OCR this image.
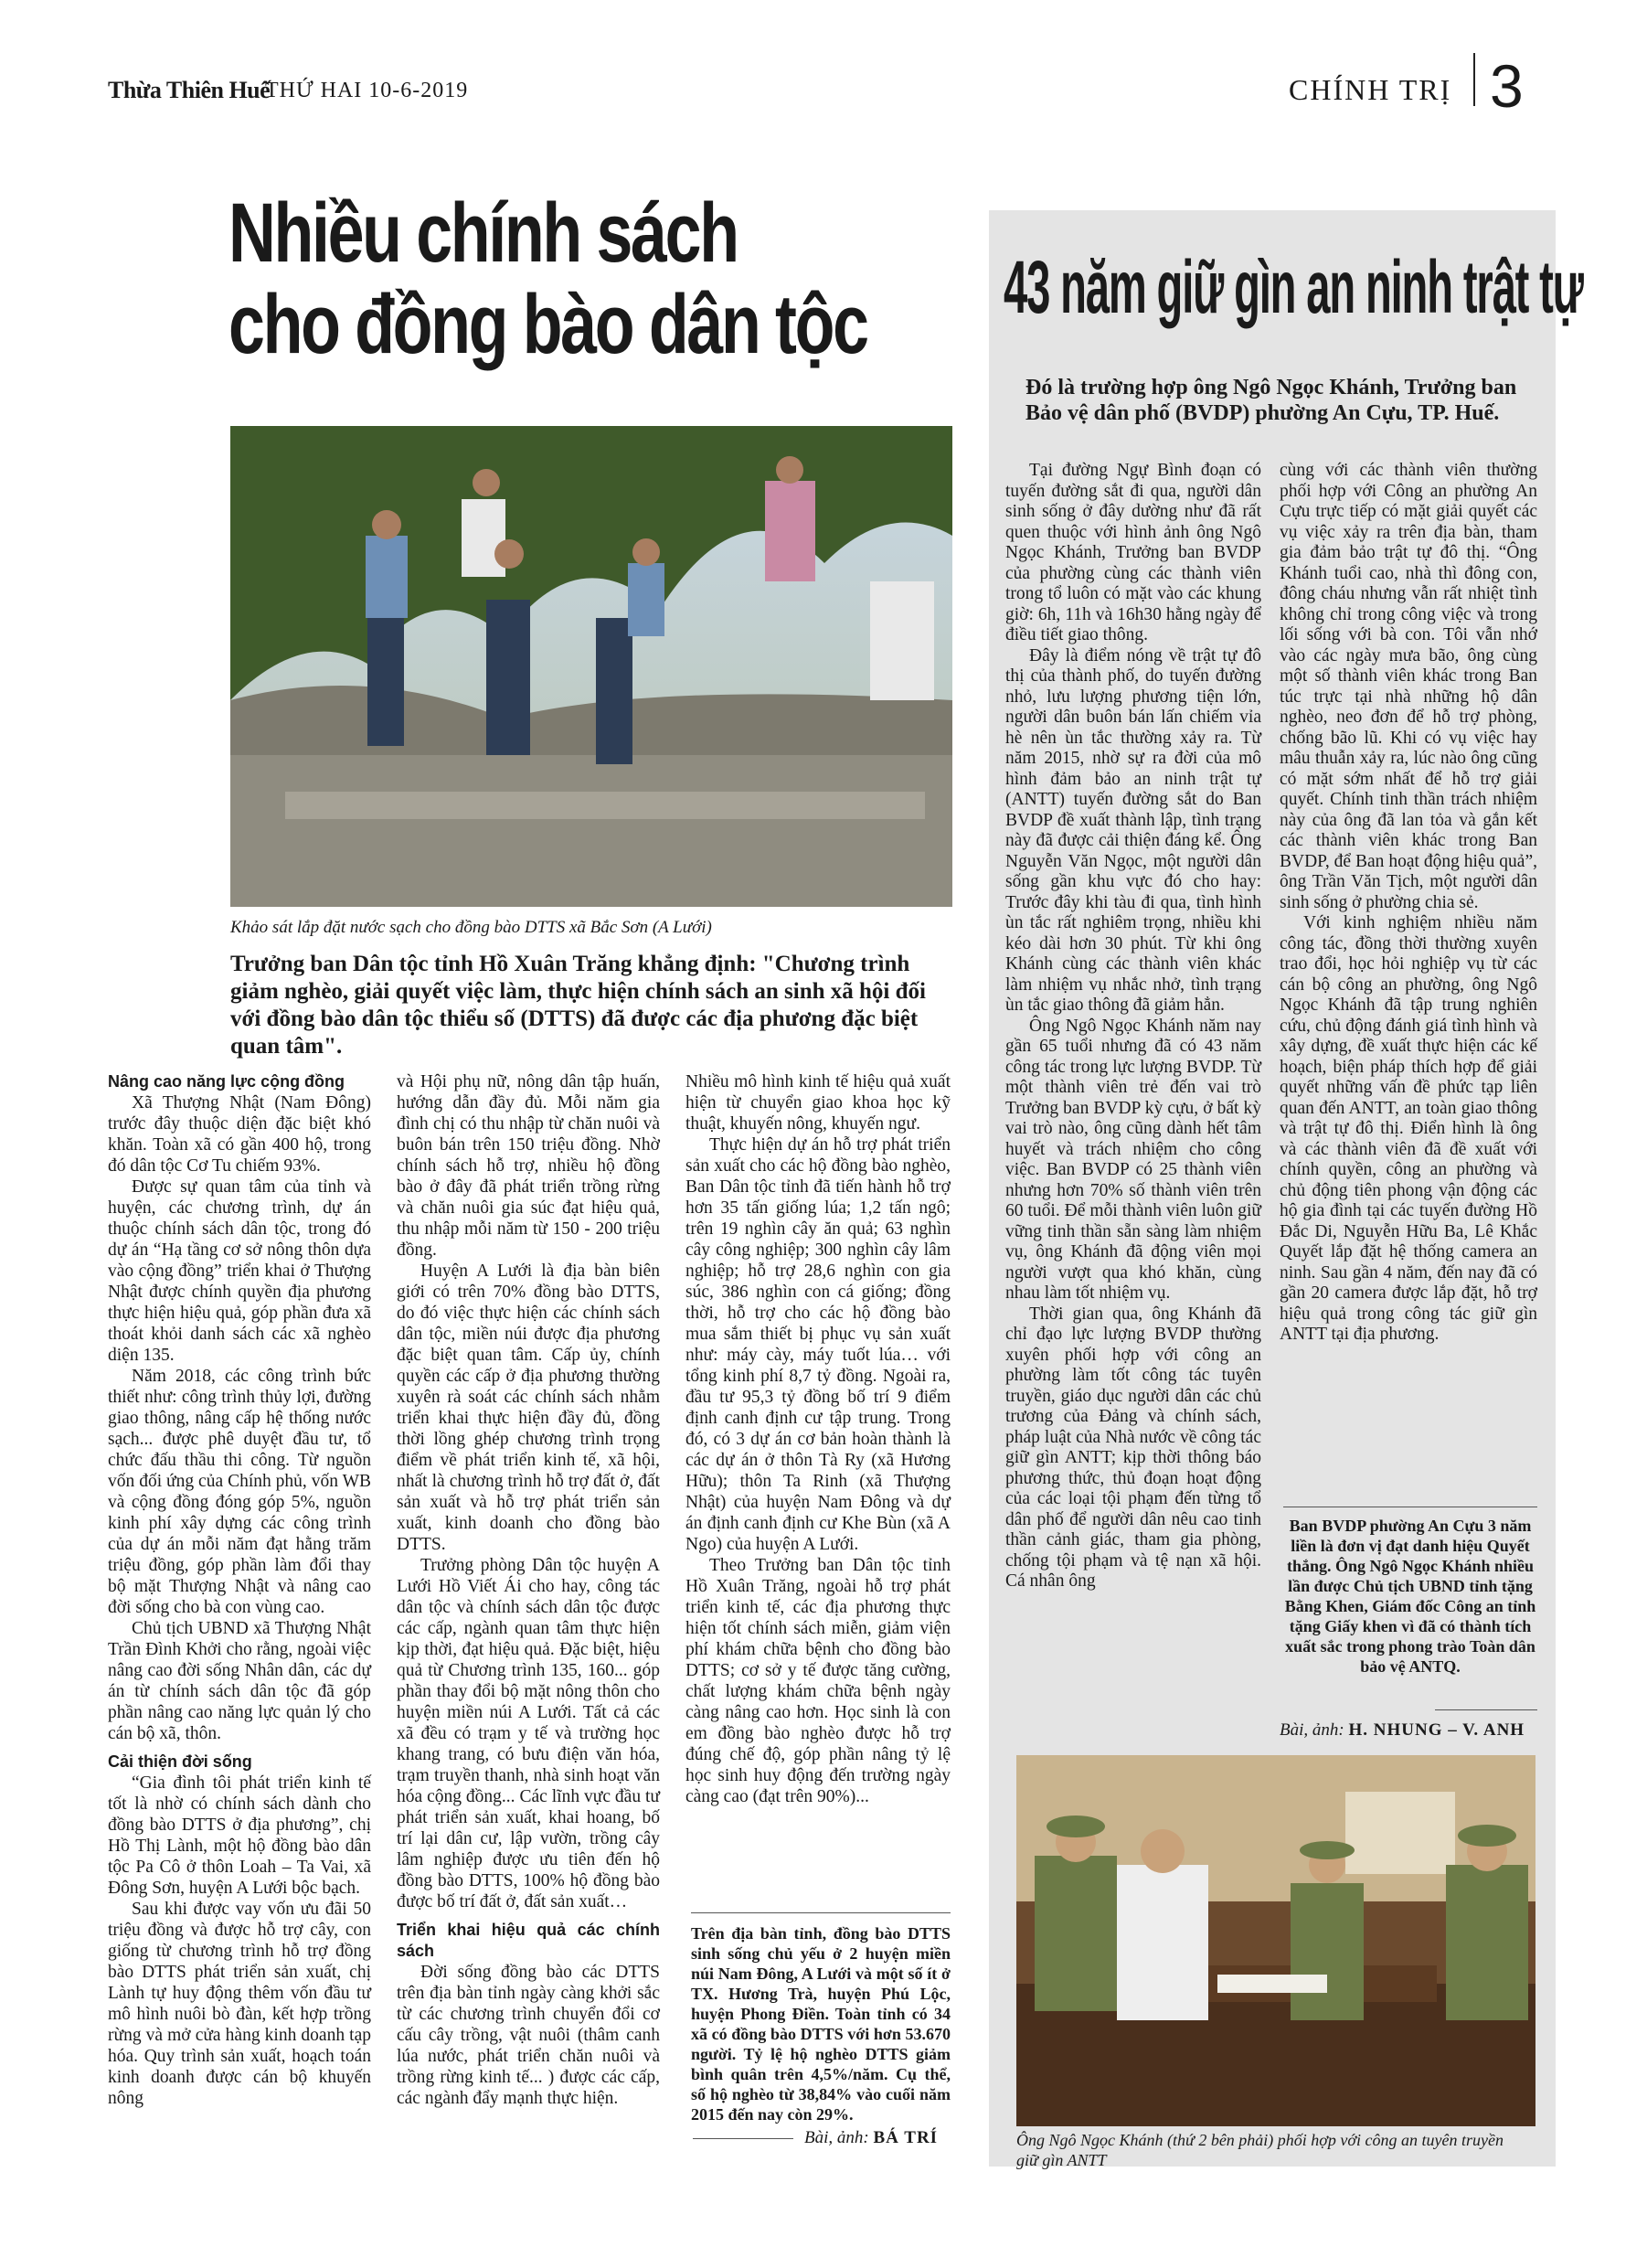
Thừa Thiên Huế
THỨ HAI 10-6-2019	CHÍNH TRỊ 3
Nhiều chính sách
cho đồng bào dân tộc
Khảo sát lắp đặt nước sạch cho đồng bào DTTS xã Bắc Sơn (A Lưới)
Trưởng ban Dân tộc tỉnh Hồ Xuân Trăng khẳng định: "Chương trình giảm nghèo, giải quyết việc làm, thực hiện chính sách an sinh xã hội đối với đồng bào dân tộc thiểu số (DTTS) đã được các địa phương đặc biệt quan tâm".
Nâng cao năng lực cộng đồng

Xã Thượng Nhật (Nam Đông) trước đây thuộc diện đặc biệt khó khăn. Toàn xã có gần 400 hộ, trong đó dân tộc Cơ Tu chiếm 93%.

Được sự quan tâm của tỉnh và huyện, các chương trình, dự án thuộc chính sách dân tộc, trong đó dự án “Hạ tầng cơ sở nông thôn dựa vào cộng đồng” triển khai ở Thượng Nhật được chính quyền địa phương thực hiện hiệu quả, góp phần đưa xã thoát khỏi danh sách các xã nghèo diện 135.

Năm 2018, các công trình bức thiết như: công trình thủy lợi, đường giao thông, nâng cấp hệ thống nước sạch... được phê duyệt đầu tư, tổ chức đấu thầu thi công. Từ nguồn vốn đối ứng của Chính phủ, vốn WB và cộng đồng đóng góp 5%, nguồn kinh phí xây dựng các công trình của dự án mỗi năm đạt hằng trăm triệu đồng, góp phần làm đổi thay bộ mặt Thượng Nhật và nâng cao đời sống cho bà con vùng cao.

Chủ tịch UBND xã Thượng Nhật Trần Đình Khởi cho rằng, ngoài việc nâng cao đời sống Nhân dân, các dự án từ chính sách dân tộc đã góp phần nâng cao năng lực quản lý cho cán bộ xã, thôn.

Cải thiện đời sống

“Gia đình tôi phát triển kinh tế tốt là nhờ có chính sách dành cho đồng bào DTTS ở địa phương”, chị Hồ Thị Lành, một hộ đồng bào dân tộc Pa Cô ở thôn Loah – Ta Vai, xã Đông Sơn, huyện A Lưới bộc bạch.

Sau khi được vay vốn ưu đãi 50 triệu đồng và được hỗ trợ cây, con giống từ chương trình hỗ trợ đồng bào DTTS phát triển sản xuất, chị Lành tự huy động thêm vốn đầu tư mô hình nuôi bò đàn, kết hợp trồng rừng và mở cửa hàng kinh doanh tạp hóa. Quy trình sản xuất, hoạch toán kinh doanh được cán bộ khuyến nông

và Hội phụ nữ, nông dân tập huấn, hướng dẫn đầy đủ. Mỗi năm gia đình chị có thu nhập từ chăn nuôi và buôn bán trên 150 triệu đồng. Nhờ chính sách hỗ trợ, nhiều hộ đồng bào ở đây đã phát triển trồng rừng và chăn nuôi gia súc đạt hiệu quả, thu nhập mỗi năm từ 150 - 200 triệu đồng.

Huyện A Lưới là địa bàn biên giới có trên 70% đồng bào DTTS, do đó việc thực hiện các chính sách dân tộc, miền núi được địa phương đặc biệt quan tâm. Cấp ủy, chính quyền các cấp ở địa phương thường xuyên rà soát các chính sách nhằm triển khai thực hiện đầy đủ, đồng thời lồng ghép chương trình trọng điểm về phát triển kinh tế, xã hội, nhất là chương trình hỗ trợ đất ở, đất sản xuất và hỗ trợ phát triển sản xuất, kinh doanh cho đồng bào DTTS.

Trưởng phòng Dân tộc huyện A Lưới Hồ Viết Ái cho hay, công tác dân tộc và chính sách dân tộc được các cấp, ngành quan tâm thực hiện kịp thời, đạt hiệu quả. Đặc biệt, hiệu quả từ Chương trình 135, 160... góp phần thay đổi bộ mặt nông thôn cho huyện miền núi A Lưới. Tất cả các xã đều có trạm y tế và trường học khang trang, có bưu điện văn hóa, trạm truyền thanh, nhà sinh hoạt văn hóa cộng đồng... Các lĩnh vực đầu tư phát triển sản xuất, khai hoang, bố trí lại dân cư, lập vườn, trồng cây lâm nghiệp được ưu tiên đến hộ đồng bào DTTS, 100% hộ đồng bào được bố trí đất ở, đất sản xuất…

Triển khai hiệu quả các chính sách

Đời sống đồng bào các DTTS trên địa bàn tỉnh ngày càng khởi sắc từ các chương trình chuyển đổi cơ cấu cây trồng, vật nuôi (thâm canh lúa nước, phát triển chăn nuôi và trồng rừng kinh tế... ) được các cấp, các ngành đẩy mạnh thực hiện.

Nhiều mô hình kinh tế hiệu quả xuất hiện từ chuyển giao khoa học kỹ thuật, khuyến nông, khuyến ngư.

Thực hiện dự án hỗ trợ phát triển sản xuất cho các hộ đồng bào nghèo, Ban Dân tộc tỉnh đã tiến hành hỗ trợ hơn 35 tấn giống lúa; 1,2 tấn ngô; trên 19 nghìn cây ăn quả; 63 nghìn cây công nghiệp; 300 nghìn cây lâm nghiệp; hỗ trợ 28,6 nghìn con gia súc, 386 nghìn con cá giống; đồng thời, hỗ trợ cho các hộ đồng bào mua sắm thiết bị phục vụ sản xuất như: máy cày, máy tuốt lúa… với tổng kinh phí 8,7 tỷ đồng. Ngoài ra, đầu tư 95,3 tỷ đồng bố trí 9 điểm định canh định cư tập trung. Trong đó, có 3 dự án cơ bản hoàn thành là các dự án ở thôn Tà Ry (xã Hương Hữu); thôn Ta Rinh (xã Thượng Nhật) của huyện Nam Đông và dự án định canh định cư Khe Bùn (xã A Ngo) của huyện A Lưới.

Theo Trưởng ban Dân tộc tỉnh Hồ Xuân Trăng, ngoài hỗ trợ phát triển kinh tế, các địa phương thực hiện tốt chính sách miễn, giảm viện phí khám chữa bệnh cho đồng bào DTTS; cơ sở y tế được tăng cường, chất lượng khám chữa bệnh ngày càng nâng cao hơn. Học sinh là con em đồng bào nghèo được hỗ trợ đúng chế độ, góp phần nâng tỷ lệ học sinh huy động đến trường ngày càng cao (đạt trên 90%)...

Trên địa bàn tỉnh, đồng bào DTTS sinh sống chủ yếu ở 2 huyện miền núi Nam Đông, A Lưới và một số ít ở TX. Hương Trà, huyện Phú Lộc, huyện Phong Điền. Toàn tỉnh có 34 xã có đồng bào DTTS với hơn 53.670 người. Tỷ lệ hộ nghèo DTTS giảm bình quân trên 4,5%/năm. Cụ thể, số hộ nghèo từ 38,84% vào cuối năm 2015 đến nay còn 29%.
Bài, ảnh: BÁ TRÍ
43 năm giữ gìn an ninh trật tự
Đó là trường hợp ông Ngô Ngọc Khánh, Trưởng ban Bảo vệ dân phố (BVDP) phường An Cựu, TP. Huế.

Tại đường Ngự Bình đoạn có tuyến đường sắt đi qua, người dân sinh sống ở đây dường như đã rất quen thuộc với hình ảnh ông Ngô Ngọc Khánh, Trưởng ban BVDP của phường cùng các thành viên trong tổ luôn có mặt vào các khung giờ: 6h, 11h và 16h30 hằng ngày để điều tiết giao thông.

Đây là điểm nóng về trật tự đô thị của thành phố, do tuyến đường nhỏ, lưu lượng phương tiện lớn, người dân buôn bán lấn chiếm vỉa hè nên ùn tắc thường xảy ra. Từ năm 2015, nhờ sự ra đời của mô hình đảm bảo an ninh trật tự (ANTT) tuyến đường sắt do Ban BVDP đề xuất thành lập, tình trạng này đã được cải thiện đáng kể. Ông Nguyễn Văn Ngọc, một người dân sống gần khu vực đó cho hay: Trước đây khi tàu đi qua, tình hình ùn tắc rất nghiêm trọng, nhiều khi kéo dài hơn 30 phút. Từ khi ông Khánh cùng các thành viên khác làm nhiệm vụ nhắc nhở, tình trạng ùn tắc giao thông đã giảm hẳn.

Ông Ngô Ngọc Khánh năm nay gần 65 tuổi nhưng đã có 43 năm công tác trong lực lượng BVDP. Từ một thành viên trẻ đến vai trò Trưởng ban BVDP kỳ cựu, ở bất kỳ vai trò nào, ông cũng dành hết tâm huyết và trách nhiệm cho công việc. Ban BVDP có 25 thành viên nhưng hơn 70% số thành viên trên 60 tuổi. Để mỗi thành viên luôn giữ vững tinh thần sẵn sàng làm nhiệm vụ, ông Khánh đã động viên mọi người vượt qua khó khăn, cùng nhau làm tốt nhiệm vụ.

Thời gian qua, ông Khánh đã chỉ đạo lực lượng BVDP thường xuyên phối hợp với công an phường làm tốt công tác tuyên truyền, giáo dục người dân các chủ trương của Đảng và chính sách, pháp luật của Nhà nước về công tác giữ gìn ANTT; kịp thời thông báo phương thức, thủ đoạn hoạt động của các loại tội phạm đến từng tổ dân phố để người dân nêu cao tinh thần cảnh giác, tham gia phòng, chống tội phạm và tệ nạn xã hội. Cá nhân ông

cùng với các thành viên thường phối hợp với Công an phường An Cựu trực tiếp có mặt giải quyết các vụ việc xảy ra trên địa bàn, tham gia đảm bảo trật tự đô thị. “Ông Khánh tuổi cao, nhà thì đông con, đông cháu nhưng vẫn rất nhiệt tình không chỉ trong công việc và trong lối sống với bà con. Tôi vẫn nhớ vào các ngày mưa bão, ông cùng một số thành viên khác trong Ban túc trực tại nhà những hộ dân nghèo, neo đơn để hỗ trợ phòng, chống bão lũ. Khi có vụ việc hay mâu thuẫn xảy ra, lúc nào ông cũng có mặt sớm nhất để hỗ trợ giải quyết. Chính tinh thần trách nhiệm này của ông đã lan tỏa và gắn kết các thành viên khác trong Ban BVDP, để Ban hoạt động hiệu quả”, ông Trần Văn Tịch, một người dân sinh sống ở phường chia sẻ.

Với kinh nghiệm nhiều năm công tác, đồng thời thường xuyên trao đổi, học hỏi nghiệp vụ từ các cán bộ công an phường, ông Ngô Ngọc Khánh đã tập trung nghiên cứu, chủ động đánh giá tình hình và xây dựng, đề xuất thực hiện các kế hoạch, biện pháp thích hợp để giải quyết những vấn đề phức tạp liên quan đến ANTT, an toàn giao thông và trật tự đô thị. Điển hình là ông và các thành viên đã đề xuất với chính quyền, công an phường và chủ động tiên phong vận động các hộ gia đình tại các tuyến đường Hồ Đắc Di, Nguyễn Hữu Ba, Lê Khắc Quyết lắp đặt hệ thống camera an ninh. Sau gần 4 năm, đến nay đã có gần 20 camera được lắp đặt, hỗ trợ hiệu quả trong công tác giữ gìn ANTT tại địa phương.

Ban BVDP phường An Cựu 3 năm liền là đơn vị đạt danh hiệu Quyết thắng. Ông Ngô Ngọc Khánh nhiều lần được Chủ tịch UBND tỉnh tặng Bằng Khen, Giám đốc Công an tỉnh tặng Giấy khen vì đã có thành tích xuất sắc trong phong trào Toàn dân bảo vệ ANTQ.
Bài, ảnh: H. NHUNG – V. ANH
Ông Ngô Ngọc Khánh (thứ 2 bên phải) phối hợp với công an tuyên truyền giữ gìn ANTT
